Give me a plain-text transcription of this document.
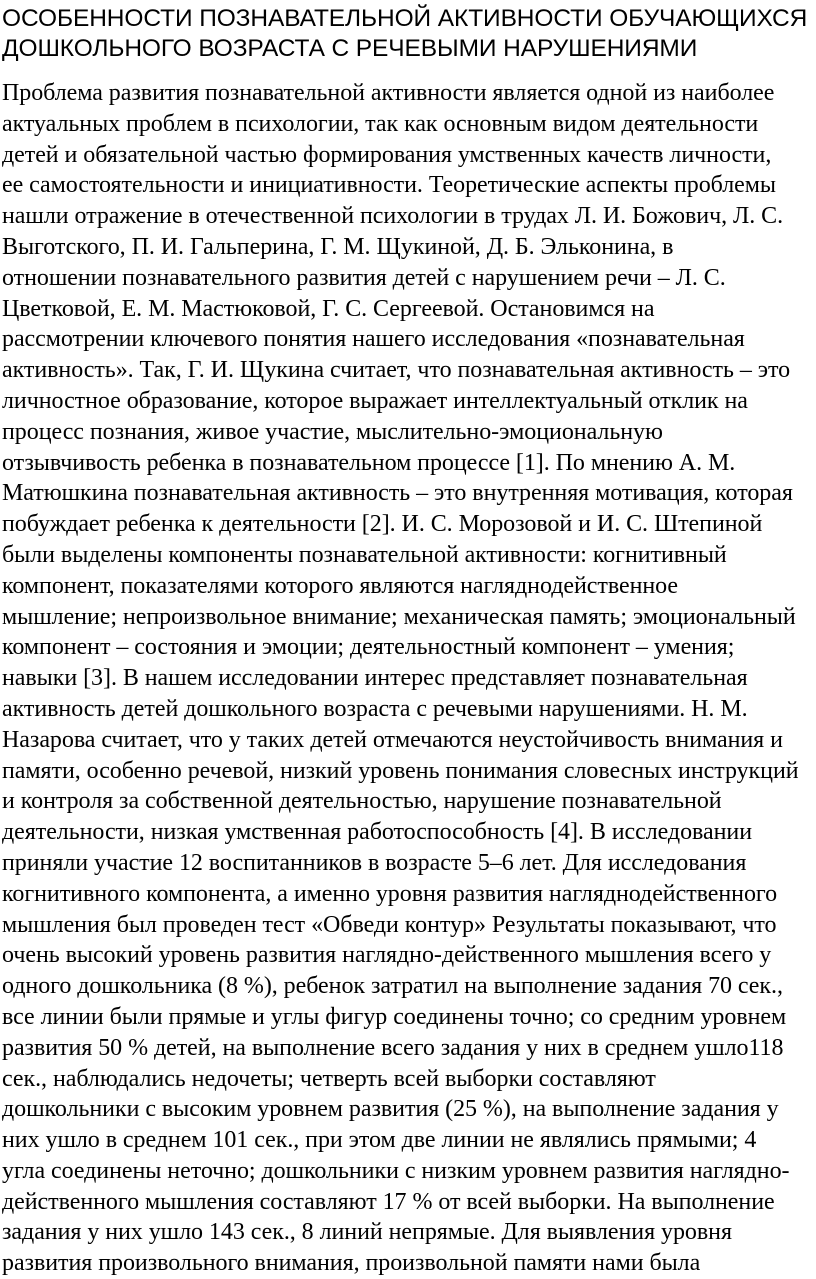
ОСОБЕННОСТИ ПОЗНАВАТЕЛЬНОЙ АКТИВНОСТИ ОБУЧАЮЩИХСЯ
ДОШКОЛЬНОГО ВОЗРАСТА С РЕЧЕВЫМИ НАРУШЕНИЯМИ
Проблема развития познавательной активности является одной из наиболее
актуальных проблем в психологии, так как основным видом деятельности
детей и обязательной частью формирования умственных качеств личности,
ее самостоятельности и инициативности. Теоретические аспекты проблемы
нашли отражение в отечественной психологии в трудах Л. И. Божович, Л. С.
Выготского, П. И. Гальперина, Г. М. Щукиной, Д. Б. Эльконина, в
отношении познавательного развития детей с нарушением речи – Л. С.
Цветковой, Е. М. Мастюковой, Г. С. Сергеевой. Остановимся на
рассмотрении ключевого понятия нашего исследования «познавательная
активность». Так, Г. И. Щукина считает, что познавательная активность – это
личностное образование, которое выражает интеллектуальный отклик на
процесс познания, живое участие, мыслительно-эмоциональную
отзывчивость ребенка в познавательном процессе [1]. По мнению А. М.
Матюшкина познавательная активность – это внутренняя мотивация, которая
побуждает ребенка к деятельности [2]. И. С. Морозовой и И. С. Штепиной
были выделены компоненты познавательной активности: когнитивный
компонент, показателями которого являются нагляднодейственное
мышление; непроизвольное внимание; механическая память; эмоциональный
компонент – состояния и эмоции; деятельностный компонент – умения;
навыки [3]. В нашем исследовании интерес представляет познавательная
активность детей дошкольного возраста с речевыми нарушениями. Н. М.
Назарова считает, что у таких детей отмечаются неустойчивость внимания и
памяти, особенно речевой, низкий уровень понимания словесных инструкций
и контроля за собственной деятельностью, нарушение познавательной
деятельности, низкая умственная работоспособность [4]. В исследовании
приняли участие 12 воспитанников в возрасте 5–6 лет. Для исследования
когнитивного компонента, а именно уровня развития нагляднодейственного
мышления был проведен тест «Обведи контур» Результаты показывают, что
очень высокий уровень развития наглядно-действенного мышления всего у
одного дошкольника (8 %), ребенок затратил на выполнение задания 70 сек.,
все линии были прямые и углы фигур соединены точно; со средним уровнем
развития 50 % детей, на выполнение всего задания у них в среднем ушло118
сек., наблюдались недочеты; четверть всей выборки составляют
дошкольники с высоким уровнем развития (25 %), на выполнение задания у
них ушло в среднем 101 сек., при этом две линии не являлись прямыми; 4
угла соединены неточно; дошкольники с низким уровнем развития наглядно-
действенного мышления составляют 17 % от всей выборки. На выполнение
задания у них ушло 143 сек., 8 линий непрямые. Для выявления уровня
развития произвольного внимания, произвольной памяти нами была
